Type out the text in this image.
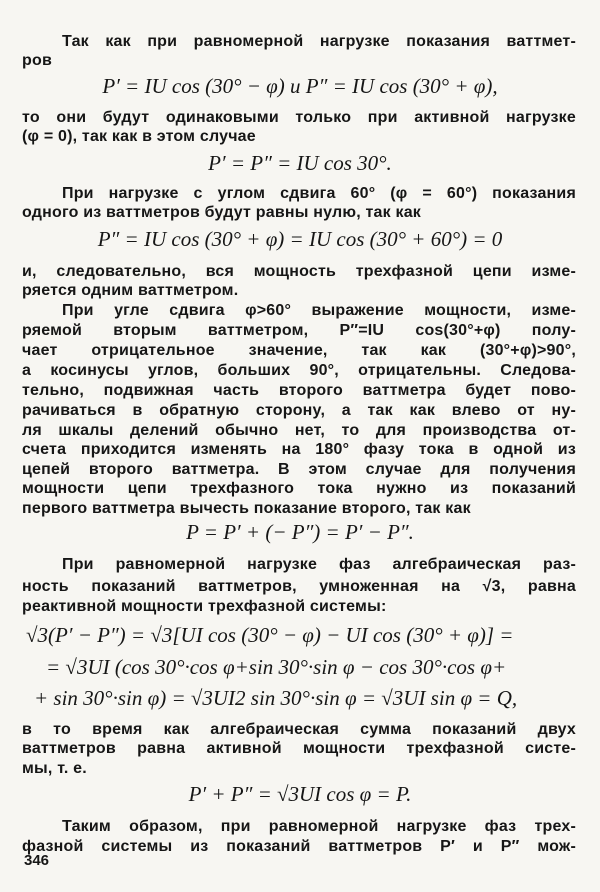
Так как при равномерной нагрузке показания ваттмет-

ров

P′ = IU cos (30° − φ) и P″ = IU cos (30° + φ),

то они будут одинаковыми только при активной нагрузке

(φ = 0), так как в этом случае

P′ = P″ = IU cos 30°.

При нагрузке с углом сдвига 60° (φ = 60°) показания

одного из ваттметров будут равны нулю, так как

P″ = IU cos (30° + φ) = IU cos (30° + 60°) = 0

и, следовательно, вся мощность трехфазной цепи изме-

ряется одним ваттметром.

При угле сдвига φ>60° выражение мощности, изме-

ряемой вторым ваттметром, P″=IU cos(30°+φ) полу-

чает отрицательное значение, так как (30°+φ)>90°,

а косинусы углов, больших 90°, отрицательны. Следова-

тельно, подвижная часть второго ваттметра будет пово-

рачиваться в обратную сторону, а так как влево от ну-

ля шкалы делений обычно нет, то для производства от-

счета приходится изменять на 180° фазу тока в одной из

цепей второго ваттметра. В этом случае для получения

мощности цепи трехфазного тока нужно из показаний

первого ваттметра вычесть показание второго, так как

P = P′ + (− P″) = P′ − P″.

При равномерной нагрузке фаз алгебраическая раз-

ность показаний ваттметров, умноженная на √3, равна

реактивной мощности трехфазной системы:

√3(P′ − P″) = √3[UI cos (30° − φ) − UI cos (30° + φ)] =

= √3UI (cos 30°·cos φ+sin 30°·sin φ − cos 30°·cos φ+

+ sin 30°·sin φ) = √3UI2 sin 30°·sin φ = √3UI sin φ = Q,

в то время как алгебраическая сумма показаний двух

ваттметров равна активной мощности трехфазной систе-

мы, т. е.

P′ + P″ = √3UI cos φ = P.

Таким образом, при равномерной нагрузке фаз трех-

фазной системы из показаний ваттметров P′ и P″ мож-

346
